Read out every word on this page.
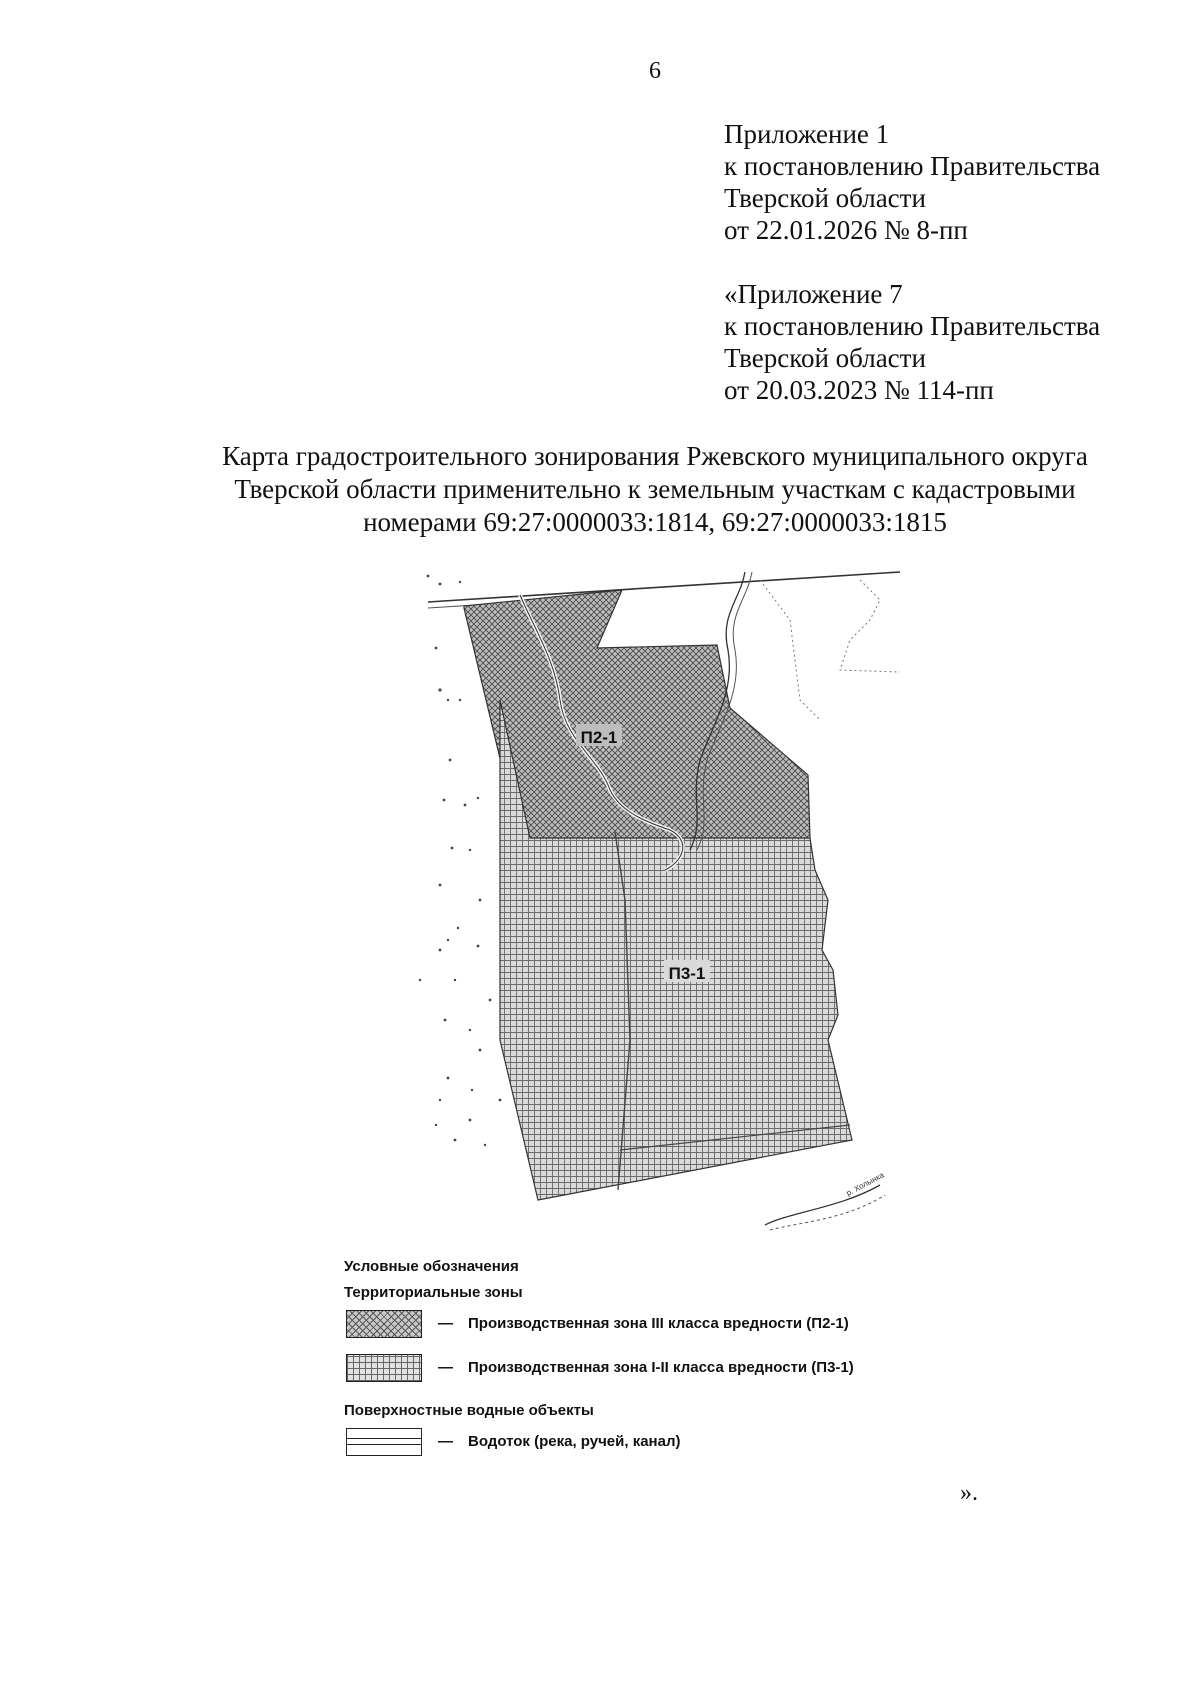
6
Приложение 1
к постановлению Правительства
Тверской области
от 22.01.2026 № 8-пп
«Приложение 7
к постановлению Правительства
Тверской области
от 20.03.2023 № 114-пп
Карта градостроительного зонирования Ржевского муниципального округа
Тверской области применительно к земельным участкам с кадастровыми
номерами 69:27:0000033:1814, 69:27:0000033:1815
р. Холынка
П2-1
П3-1
Условные обозначения
Территориальные зоны
— Производственная зона III класса вредности (П2-1)
— Производственная зона I-II класса вредности (П3-1)
Поверхностные водные объекты
— Водоток (река, ручей, канал)
».
